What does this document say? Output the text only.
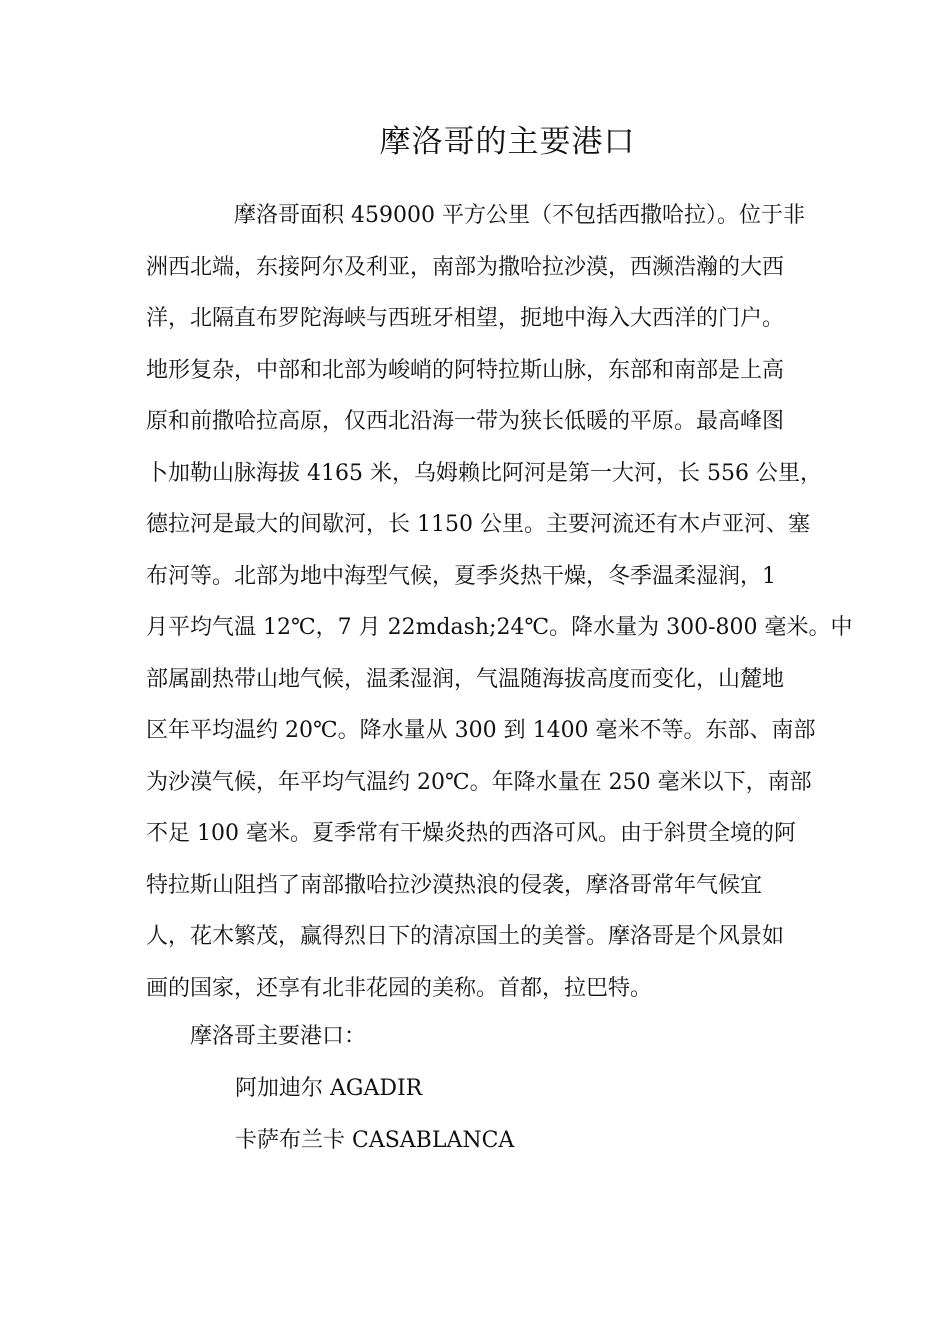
摩洛哥的主要港口
摩洛哥面积 459000 平方公里（不包括西撒哈拉）。位于非
洲西北端，东接阿尔及利亚，南部为撒哈拉沙漠，西濒浩瀚的大西
洋，北隔直布罗陀海峡与西班牙相望，扼地中海入大西洋的门户。
地形复杂，中部和北部为峻峭的阿特拉斯山脉，东部和南部是上高
原和前撒哈拉高原，仅西北沿海一带为狭长低暖的平原。最高峰图
卜加勒山脉海拔 4165 米，乌姆赖比阿河是第一大河，长 556 公里，
德拉河是最大的间歇河，长 1150 公里。主要河流还有木卢亚河、塞
布河等。北部为地中海型气候，夏季炎热干燥，冬季温柔湿润，1
月平均气温 12℃，7 月 22mdash;24℃。降水量为 300-800 毫米。中
部属副热带山地气候，温柔湿润，气温随海拔高度而变化，山麓地
区年平均温约 20℃。降水量从 300 到 1400 毫米不等。东部、南部
为沙漠气候，年平均气温约 20℃。年降水量在 250 毫米以下，南部
不足 100 毫米。夏季常有干燥炎热的西洛可风。由于斜贯全境的阿
特拉斯山阻挡了南部撒哈拉沙漠热浪的侵袭，摩洛哥常年气候宜
人，花木繁茂，赢得烈日下的清凉国土的美誉。摩洛哥是个风景如
画的国家，还享有北非花园的美称。首都，拉巴特。
摩洛哥主要港口：
阿加迪尔 AGADIR
卡萨布兰卡 CASABLANCA
